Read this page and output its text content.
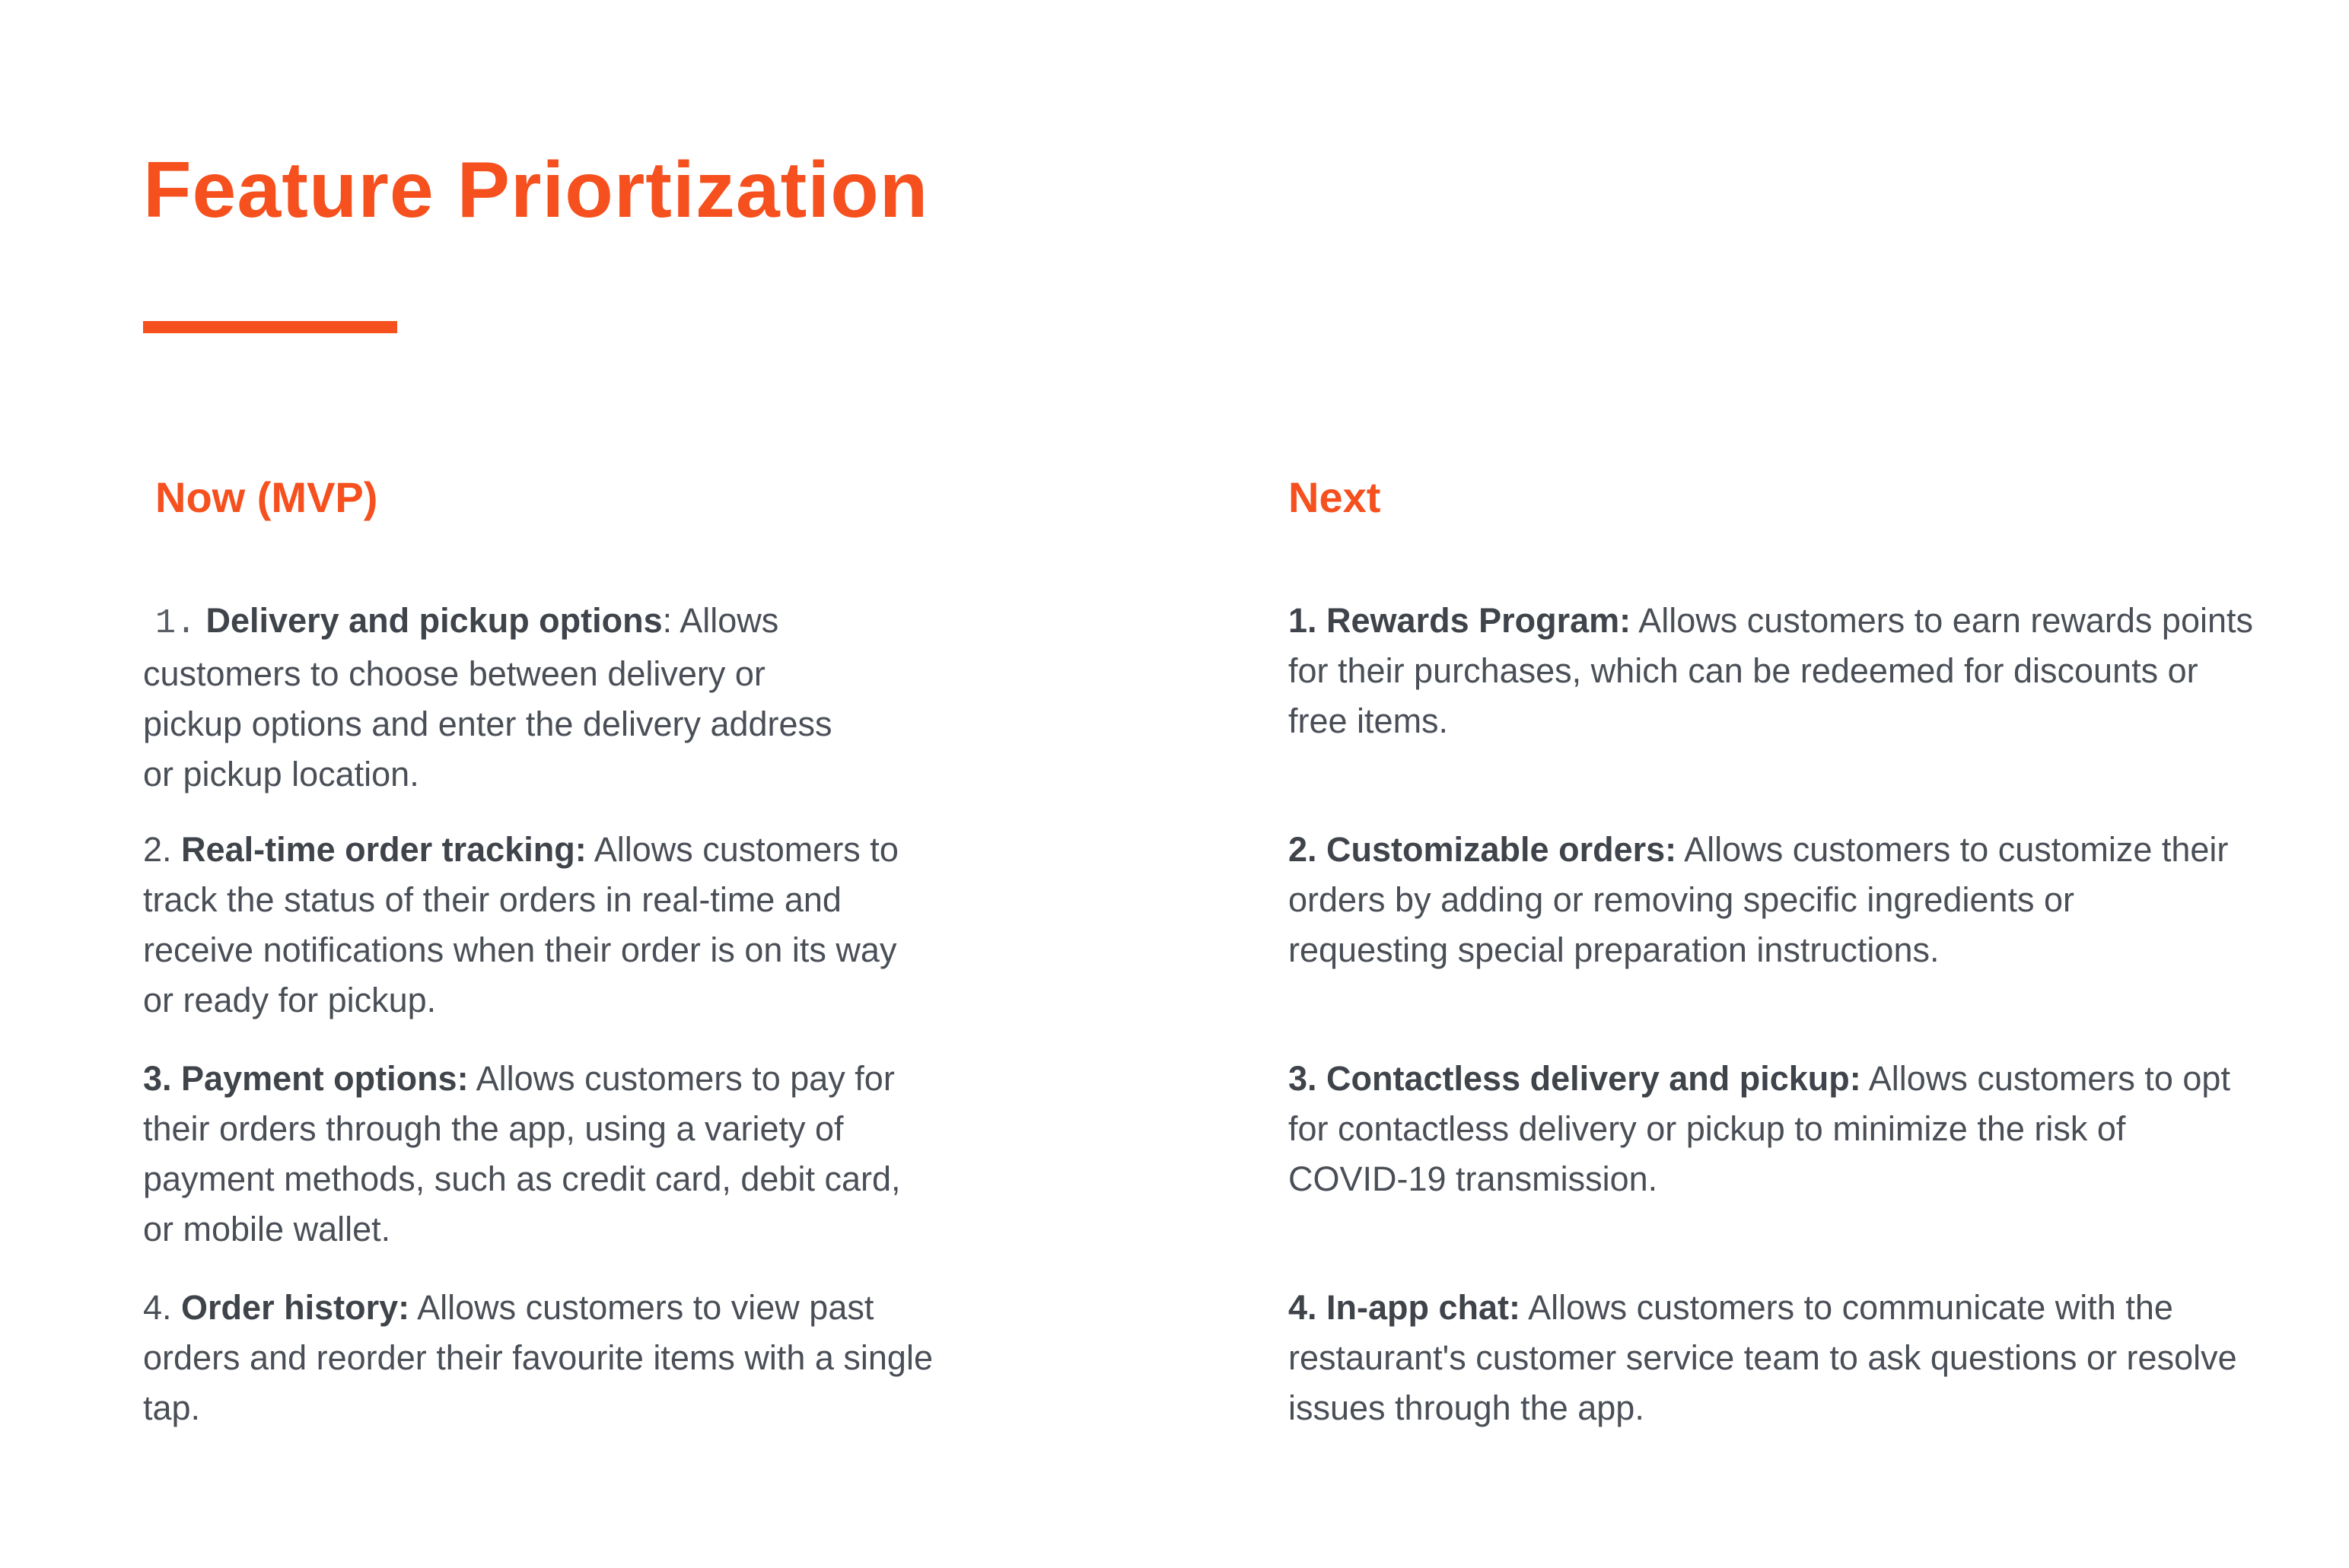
Feature Priortization
Now (MVP)

1. Delivery and pickup options: Allows customers to choose between delivery or pickup options and enter the delivery address or pickup location.

2. Real-time order tracking: Allows customers to track the status of their orders in real-time and receive notifications when their order is on its way or ready for pickup.

3. Payment options: Allows customers to pay for their orders through the app, using a variety of payment methods, such as credit card, debit card, or mobile wallet.

4. Order history: Allows customers to view past orders and reorder their favourite items with a single tap.

Next

1. Rewards Program: Allows customers to earn rewards points for their purchases, which can be redeemed for discounts or free items.

2. Customizable orders: Allows customers to customize their orders by adding or removing specific ingredients or requesting special preparation instructions.

3. Contactless delivery and pickup: Allows customers to opt for contactless delivery or pickup to minimize the risk of COVID-19 transmission.

4. In-app chat: Allows customers to communicate with the restaurant's customer service team to ask questions or resolve issues through the app.
